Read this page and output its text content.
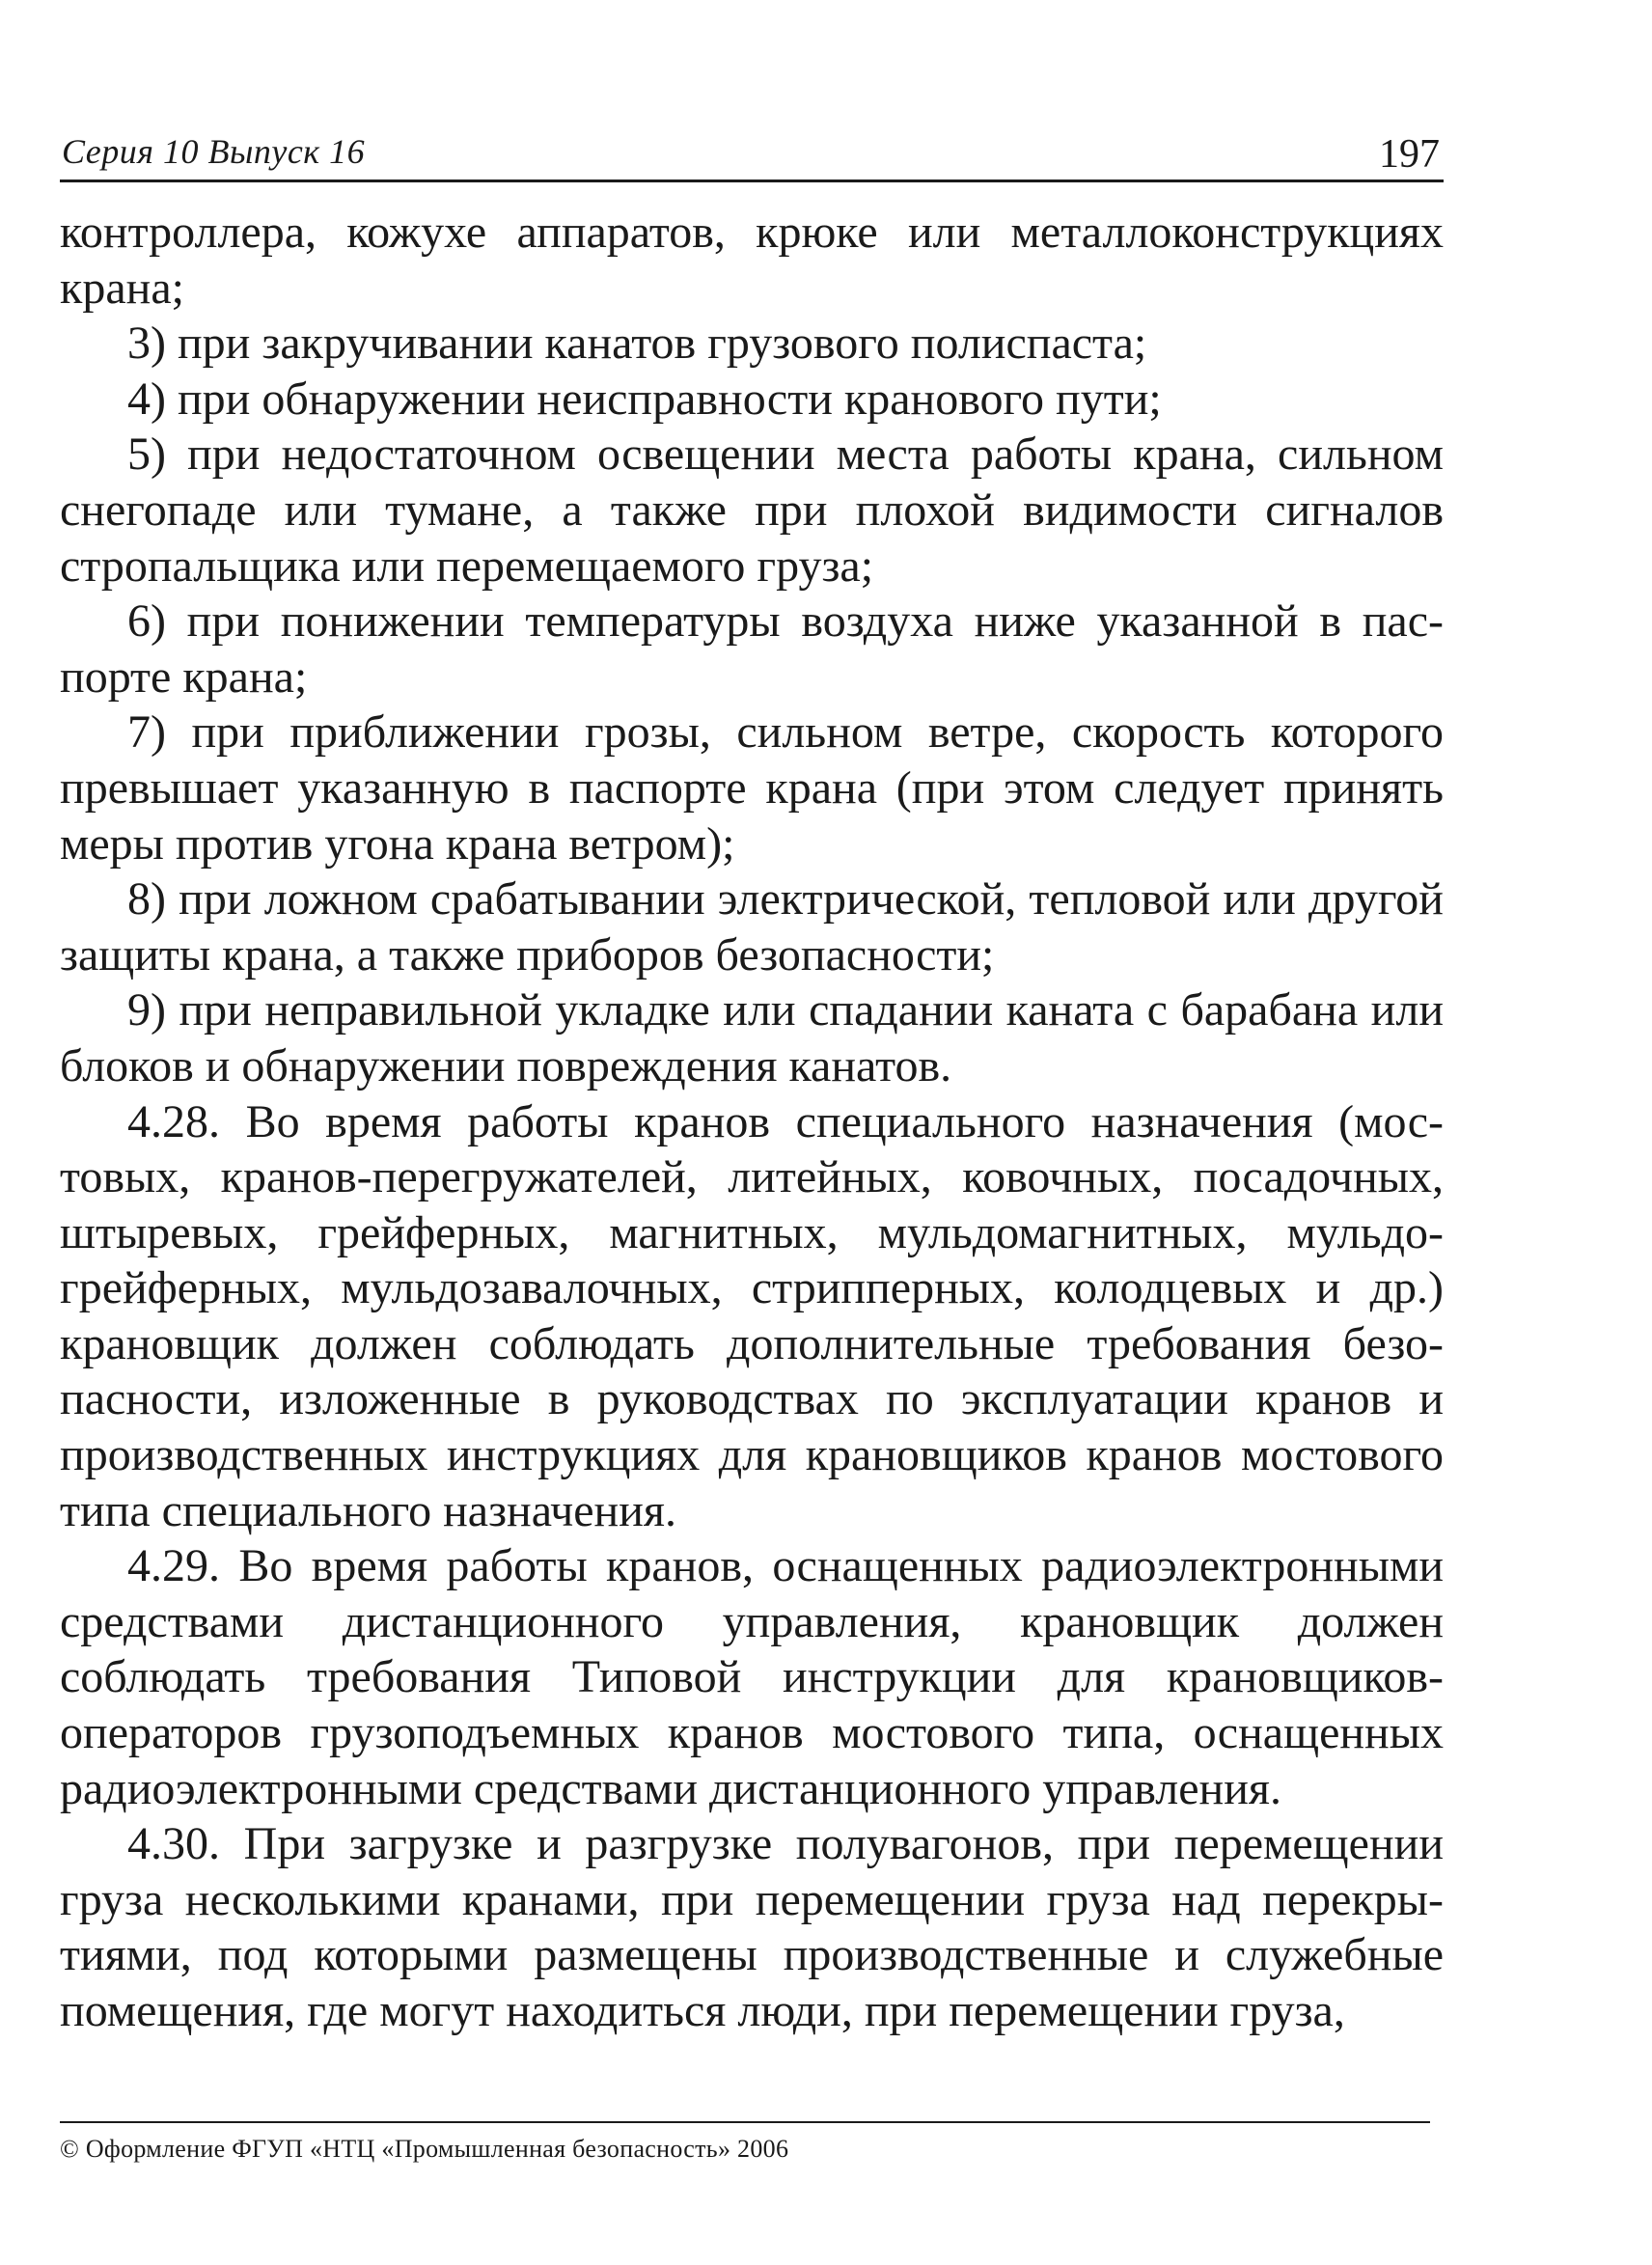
Серия 10 Выпуск 16	197

контроллера, кожухе аппаратов, крюке или металлоконструкциях крана;

3) при закручивании канатов грузового полиспаста;

4) при обнаружении неисправности кранового пути;

5) при недостаточном освещении места работы крана, сильном снегопаде или тумане, а также при плохой видимости сигналов стропальщика или перемещаемого груза;

6) при понижении температуры воздуха ниже указанной в паспорте крана;

7) при приближении грозы, сильном ветре, скорость которого превышает указанную в паспорте крана (при этом следует принять меры против угона крана ветром);

8) при ложном срабатывании электрической, тепловой или другой защиты крана, а также приборов безопасности;

9) при неправильной укладке или спадании каната с барабана или блоков и обнаружении повреждения канатов.

4.28. Во время работы кранов специального назначения (мостовых, кранов-перегружателей, литейных, ковочных, посадочных, штыревых, грейферных, магнитных, мульдомагнитных, мульдогрейферных, мульдозавалочных, стрипперных, колодцевых и др.) крановщик должен соблюдать дополнительные требования безопасности, изложенные в руководствах по эксплуатации кранов и производственных инструкциях для крановщиков кранов мостового типа специального назначения.

4.29. Во время работы кранов, оснащенных радиоэлектронными средствами дистанционного управления, крановщик должен соблюдать требования Типовой инструкции для крановщиков-операторов грузоподъемных кранов мостового типа, оснащенных радиоэлектронными средствами дистанционного управления.

4.30. При загрузке и разгрузке полувагонов, при перемещении груза несколькими кранами, при перемещении груза над перекрытиями, под которыми размещены производственные и служебные помещения, где могут находиться люди, при перемещении груза,

© Оформление ФГУП «НТЦ «Промышленная безопасность» 2006
